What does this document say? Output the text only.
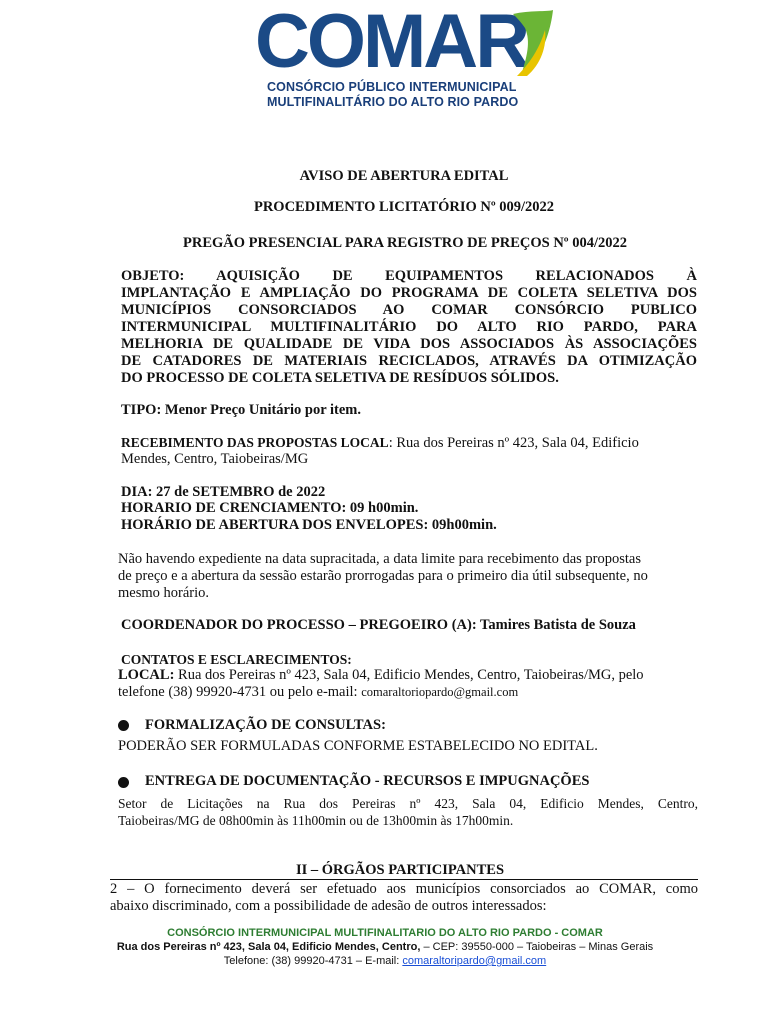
COMAR
CONSÓRCIO PÚBLICO INTERMUNICIPAL
MULTIFINALITÁRIO DO ALTO RIO PARDO
AVISO DE ABERTURA EDITAL
PROCEDIMENTO LICITATÓRIO Nº 009/2022
PREGÃO PRESENCIAL PARA REGISTRO DE PREÇOS Nº 004/2022
OBJETO: AQUISIÇÃO DE EQUIPAMENTOS RELACIONADOS À
IMPLANTAÇÃO E AMPLIAÇÃO DO PROGRAMA DE COLETA SELETIVA DOS
MUNICÍPIOS CONSORCIADOS AO COMAR CONSÓRCIO PUBLICO
INTERMUNICIPAL MULTIFINALITÁRIO DO ALTO RIO PARDO, PARA
MELHORIA DE QUALIDADE DE VIDA DOS ASSOCIADOS ÀS ASSOCIAÇÕES
DE CATADORES DE MATERIAIS RECICLADOS, ATRAVÉS DA OTIMIZAÇÃO
DO PROCESSO DE COLETA SELETIVA DE RESÍDUOS SÓLIDOS.
TIPO: Menor Preço Unitário por item.
RECEBIMENTO DAS PROPOSTAS LOCAL: Rua dos Pereiras nº 423, Sala 04, Edificio
Mendes, Centro, Taiobeiras/MG
DIA: 27 de SETEMBRO de 2022
HORARIO DE CRENCIAMENTO: 09 h00min.
HORÁRIO DE ABERTURA DOS ENVELOPES: 09h00min.
Não havendo expediente na data supracitada, a data limite para recebimento das propostas
de preço e a abertura da sessão estarão prorrogadas para o primeiro dia útil subsequente, no
mesmo horário.
COORDENADOR DO PROCESSO – PREGOEIRO (A): Tamires Batista de Souza
CONTATOS E ESCLARECIMENTOS:
LOCAL: Rua dos Pereiras nº 423, Sala 04, Edificio Mendes, Centro, Taiobeiras/MG, pelo
telefone (38) 99920-4731 ou pelo e-mail: comaraltoriopardo@gmail.com
FORMALIZAÇÃO DE CONSULTAS:
PODERÃO SER FORMULADAS CONFORME ESTABELECIDO NO EDITAL.
ENTREGA DE DOCUMENTAÇÃO - RECURSOS E IMPUGNAÇÕES
Setor de Licitações na Rua dos Pereiras nº 423, Sala 04, Edificio Mendes, Centro,
Taiobeiras/MG de 08h00min às 11h00min ou de 13h00min às 17h00min.
II – ÓRGÃOS PARTICIPANTES
2 – O fornecimento deverá ser efetuado aos municípios consorciados ao COMAR, como
abaixo discriminado, com a possibilidade de adesão de outros interessados:
CONSÓRCIO INTERMUNICIPAL MULTIFINALITARIO DO ALTO RIO PARDO - COMAR
Rua dos Pereiras nº 423, Sala 04, Edificio Mendes, Centro, – CEP: 39550-000 – Taiobeiras – Minas Gerais
Telefone: (38) 99920-4731 – E-mail: comaraltoripardo@gmail.com
